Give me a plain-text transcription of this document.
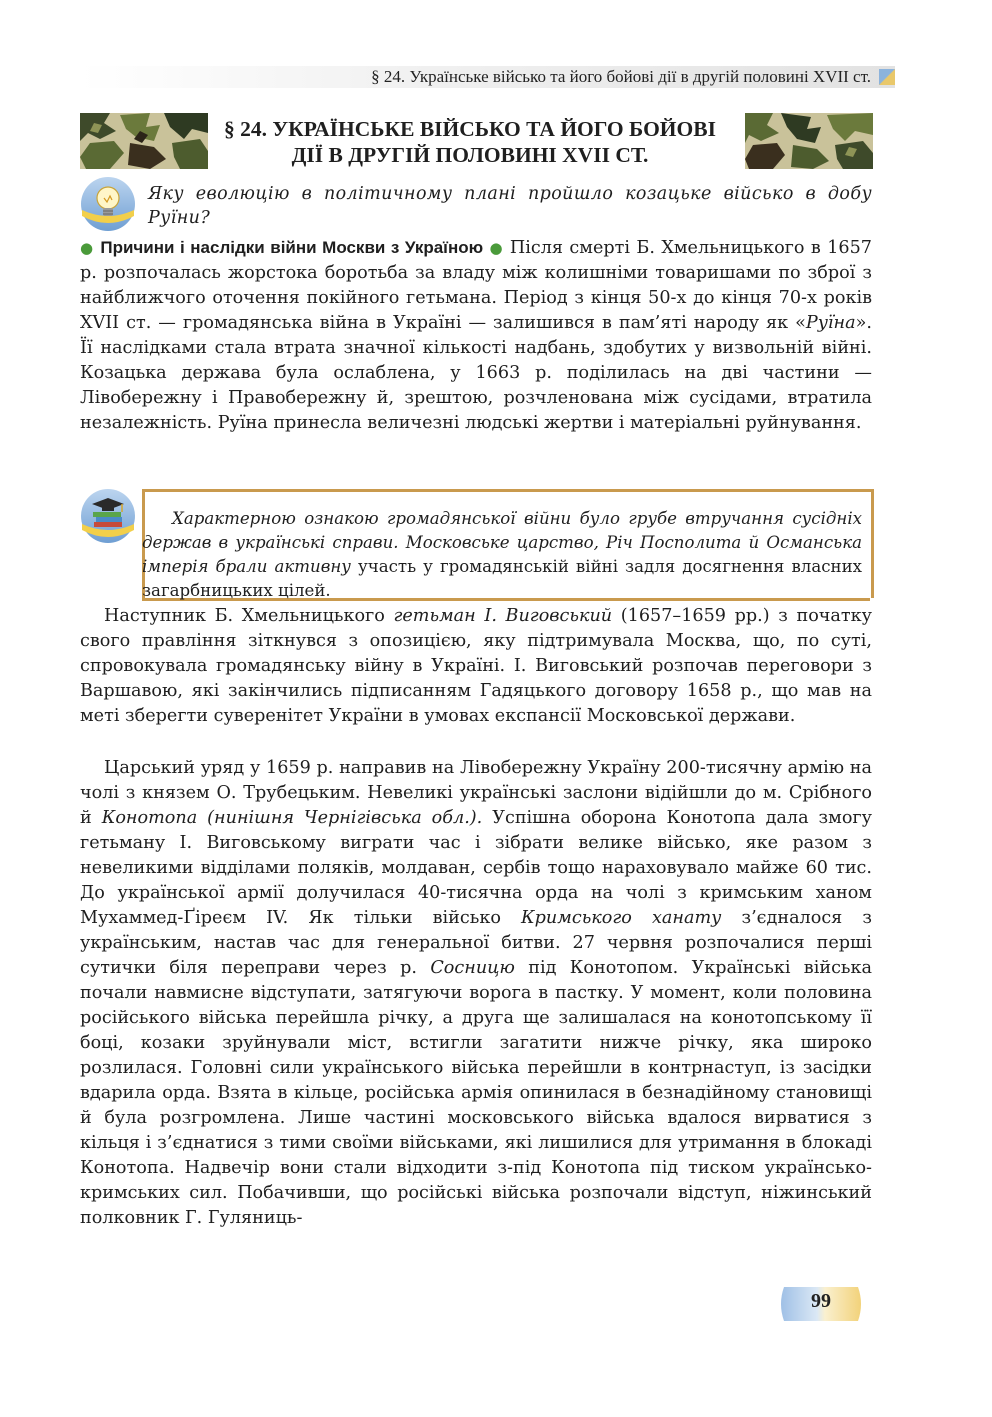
§ 24. Українське військо та його бойові дії в другій половині XVII ст.
§ 24. УКРАЇНСЬКЕ ВІЙСЬКО ТА ЙОГО БОЙОВІ
ДІЇ В ДРУГІЙ ПОЛОВИНІ XVII СТ.
Яку еволюцію в політичному плані пройшло козацьке військо в добу Руїни?
● Причини і наслідки війни Москви з Україною ● Після смерті Б. Хмельницького в 1657 р. розпочалась жорстока боротьба за владу між колишніми товаришами по зброї з найближчого оточення покійного гетьмана. Період з кінця 50-х до кінця 70-х років XVII ст. — громадянська війна в Україні — залишився в пам’яті народу як «Руїна». Її наслідками стала втрата значної кількості надбань, здобутих у визвольній війні. Козацька держава була ослаблена, у 1663 р. поділилась на дві частини — Лівобережну і Правобережну й, зрештою, розчленована між сусідами, втратила незалежність. Руїна принесла величезні людські жертви і матеріальні руйнування.
Характерною ознакою громадянської війни було грубе втручання сусідніх держав в українські справи. Московське царство, Річ Посполита й Османська імперія брали активну участь у громадянській війні задля досягнення власних загарбницьких цілей.
Наступник Б. Хмельницького гетьман І. Виговський (1657–1659 рр.) з початку свого правління зіткнувся з опозицією, яку підтримувала Москва, що, по суті, спровокувала громадянську війну в Україні. І. Виговський розпочав переговори з Варшавою, які закінчились підписанням Гадяцького договору 1658 р., що мав на меті зберегти суверенітет України в умовах експансії Московської держави.
Царський уряд у 1659 р. направив на Лівобережну Україну 200-тисячну армію на чолі з князем О. Трубецьким. Невеликі українські заслони відійшли до м. Срібного й Конотопа (нинішня Чернігівська обл.). Успішна оборона Конотопа дала змогу гетьману І. Виговському виграти час і зібрати велике військо, яке разом з невеликими відділами поляків, молдаван, сербів тощо нараховувало майже 60 тис. До української армії долучилася 40-тисячна орда на чолі з кримським ханом Мухаммед-Ґіреєм IV. Як тільки військо Кримського ханату з’єдналося з українським, настав час для генеральної битви. 27 червня розпочалися перші сутички біля переправи через р. Сосницю під Конотопом. Українські війська почали навмисне відступати, затягуючи ворога в пастку. У момент, коли половина російського війська перейшла річку, а друга ще залишалася на конотопському її боці, козаки зруйнували міст, встигли загатити нижче річку, яка широко розлилася. Головні сили українського війська перейшли в контрнаступ, із засідки вдарила орда. Взята в кільце, російська армія опинилася в безнадійному становищі й була розгромлена. Лише частині московського війська вдалося вирватися з кільця і з’єднатися з тими своїми військами, які лишилися для утримання в блокаді Конотопа. Надвечір вони стали відходити з-під Конотопа під тиском українсько-кримських сил. Побачивши, що російські війська розпочали відступ, ніжинський полковник Г. Гуляниць-
99
